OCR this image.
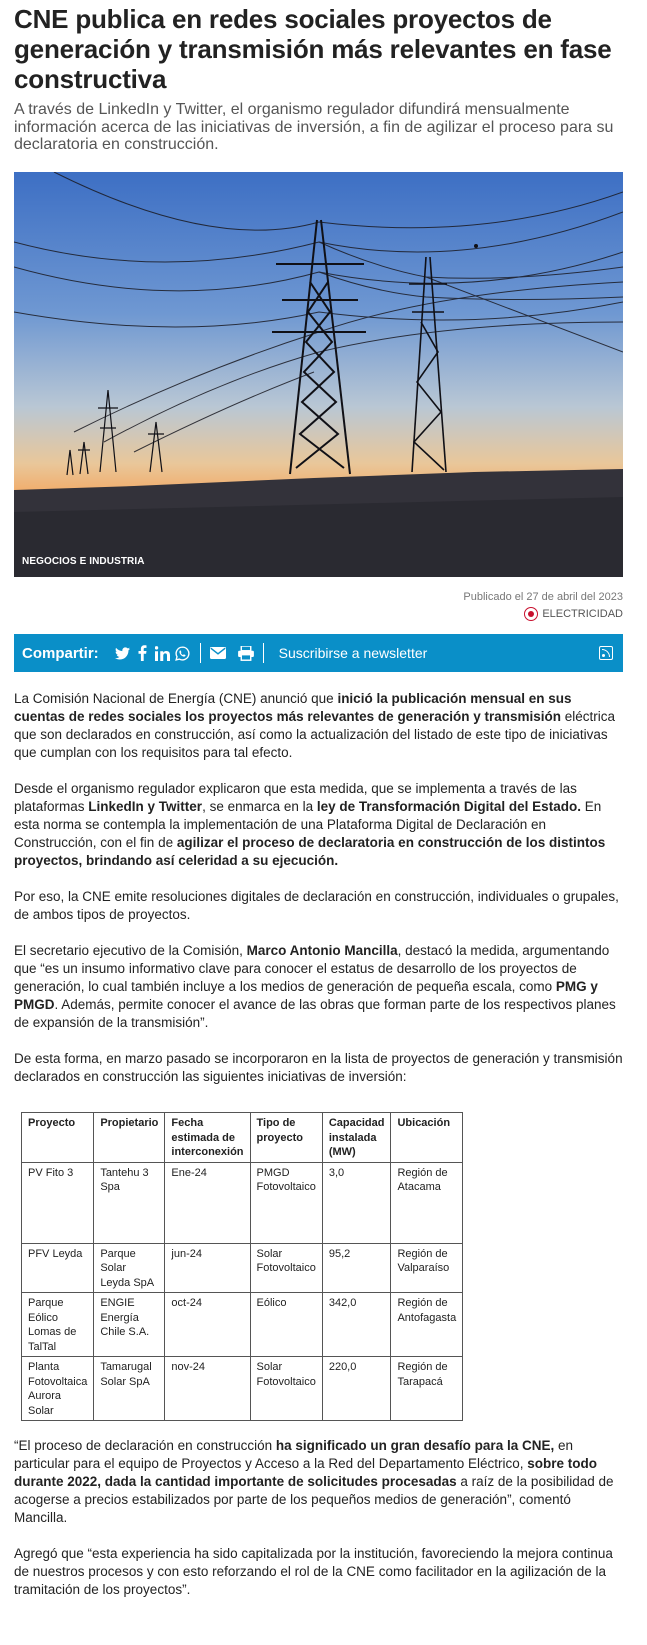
CNE publica en redes sociales proyectos de generación y transmisión más relevantes en fase constructiva
A través de LinkedIn y Twitter, el organismo regulador difundirá mensualmente información acerca de las iniciativas de inversión, a fin de agilizar el proceso para su declaratoria en construcción.
NEGOCIOS E INDUSTRIA
Publicado el 27 de abril del 2023
ELECTRICIDAD
Compartir:	Suscribirse a newsletter

La Comisión Nacional de Energía (CNE) anunció que inició la publicación mensual en sus cuentas de redes sociales los proyectos más relevantes de generación y transmisión eléctrica que son declarados en construcción, así como la actualización del listado de este tipo de iniciativas que cumplan con los requisitos para tal efecto.

Desde el organismo regulador explicaron que esta medida, que se implementa a través de las plataformas LinkedIn y Twitter, se enmarca en la ley de Transformación Digital del Estado. En esta norma se contempla la implementación de una Plataforma Digital de Declaración en Construcción, con el fin de agilizar el proceso de declaratoria en construcción de los distintos proyectos, brindando así celeridad a su ejecución.

Por eso, la CNE emite resoluciones digitales de declaración en construcción, individuales o grupales, de ambos tipos de proyectos.

El secretario ejecutivo de la Comisión, Marco Antonio Mancilla, destacó la medida, argumentando que “es un insumo informativo clave para conocer el estatus de desarrollo de los proyectos de generación, lo cual también incluye a los medios de generación de pequeña escala, como PMG y PMGD. Además, permite conocer el avance de las obras que forman parte de los respectivos planes de expansión de la transmisión”.

De esta forma, en marzo pasado se incorporaron en la lista de proyectos de generación y transmisión declarados en construcción las siguientes iniciativas de inversión:

Proyecto	Propietario	Fecha estimada de interconexión	Tipo de proyecto	Capacidad instalada (MW)	Ubicación
PV Fito 3	Tantehu 3 Spa	Ene-24	PMGD Fotovoltaico	3,0	Región de Atacama
PFV Leyda	Parque Solar Leyda SpA	jun-24	Solar Fotovoltaico	95,2	Región de Valparaíso
Parque Eólico Lomas de TalTal	ENGIE Energía Chile S.A.	oct-24	Eólico	342,0	Región de Antofagasta
Planta Fotovoltaica Aurora Solar	Tamarugal Solar SpA	nov-24	Solar Fotovoltaico	220,0	Región de Tarapacá

“El proceso de declaración en construcción ha significado un gran desafío para la CNE, en particular para el equipo de Proyectos y Acceso a la Red del Departamento Eléctrico, sobre todo durante 2022, dada la cantidad importante de solicitudes procesadas a raíz de la posibilidad de acogerse a precios estabilizados por parte de los pequeños medios de generación”, comentó Mancilla.

Agregó que “esta experiencia ha sido capitalizada por la institución, favoreciendo la mejora continua de nuestros procesos y con esto reforzando el rol de la CNE como facilitador en la agilización de la tramitación de los proyectos”.
